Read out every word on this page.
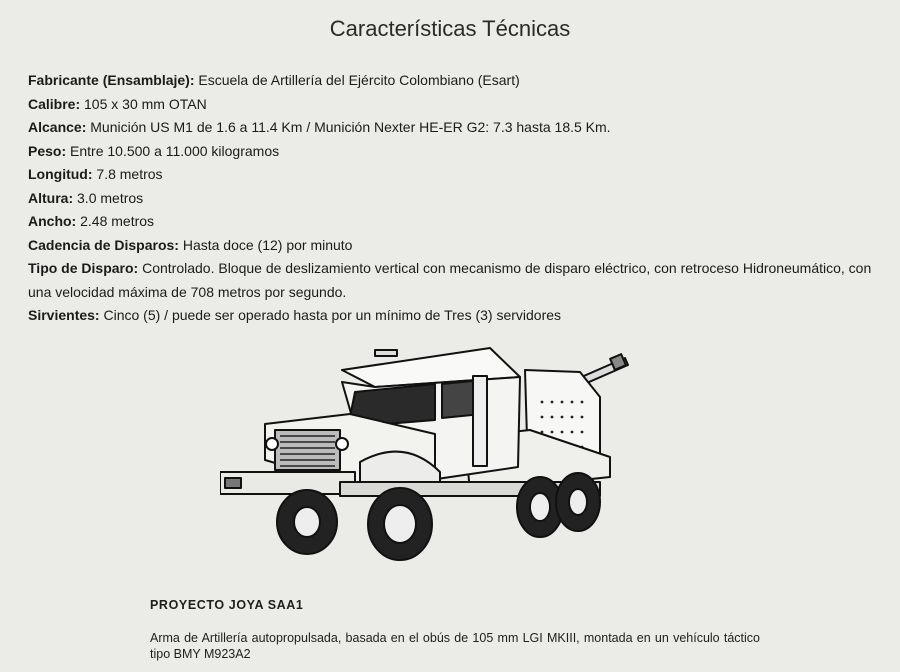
Características Técnicas

Fabricante (Ensamblaje): Escuela de Artillería del Ejército Colombiano (Esart)

Calibre: 105 x 30 mm OTAN

Alcance: Munición US M1 de 1.6 a 11.4 Km / Munición Nexter HE-ER G2: 7.3 hasta 18.5 Km.

Peso: Entre 10.500 a 11.000 kilogramos

Longitud: 7.8 metros

Altura: 3.0 metros

Ancho: 2.48 metros

Cadencia de Disparos: Hasta doce (12) por minuto

Tipo de Disparo: Controlado. Bloque de deslizamiento vertical con mecanismo de disparo eléctrico, con retroceso Hidroneumático, con una velocidad máxima de 708 metros por segundo.

Sirvientes: Cinco (5) / puede ser operado hasta por un mínimo de Tres (3) servidores

PROYECTO JOYA SAA1
Arma de Artillería autopropulsada, basada en el obús de 105 mm LGI MKIII, montada en un vehículo táctico tipo BMY M923A2
